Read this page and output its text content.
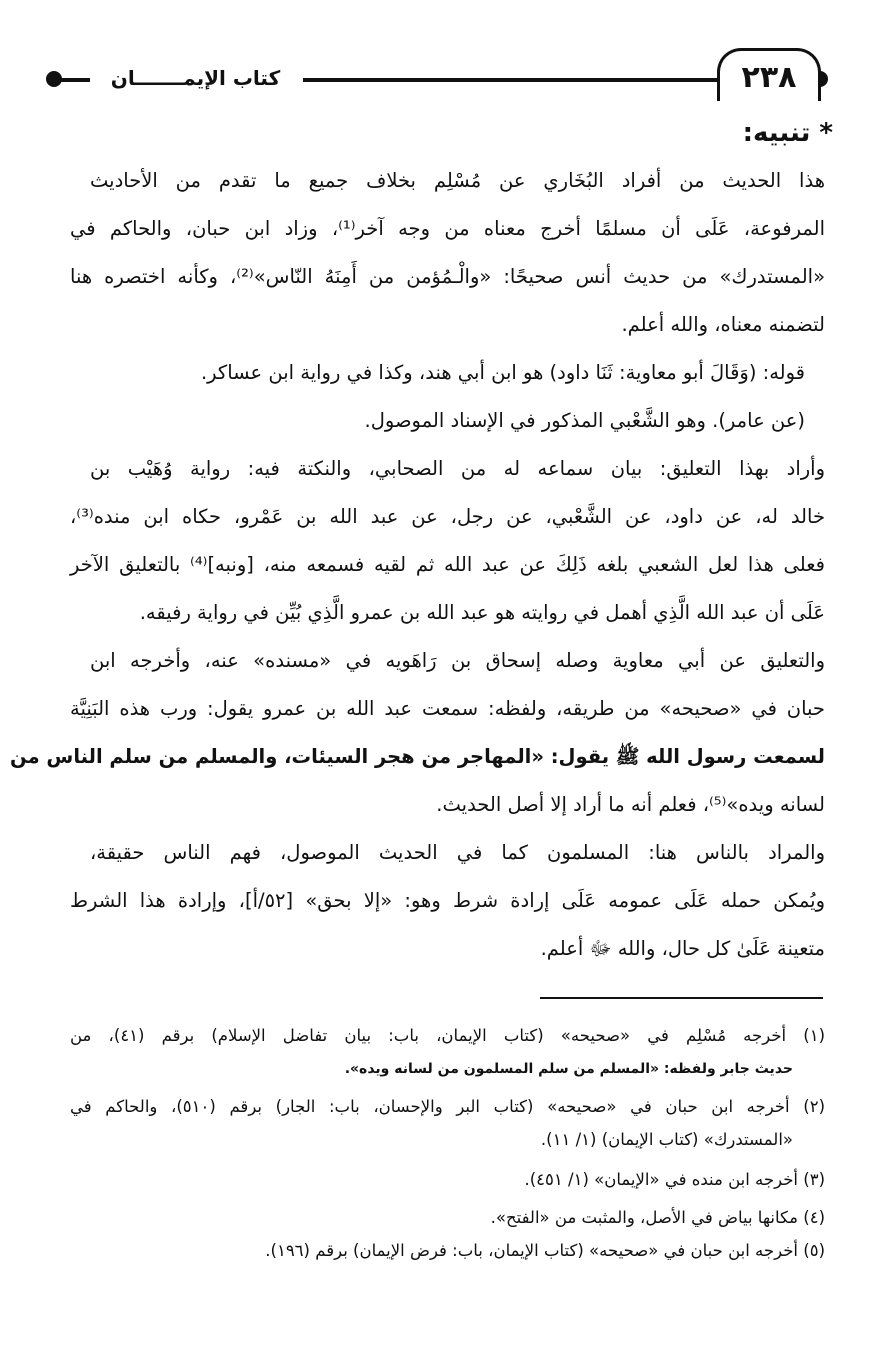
كتاب الإيمـــــــان	٢٣٨
* تنبيه:
هذا الحديث من أفراد البُخَاري عن مُسْلِم بخلاف جميع ما تقدم من الأحاديث
المرفوعة، عَلَى أن مسلمًا أخرج معناه من وجه آخر⁽¹⁾، وزاد ابن حبان، والحاكم في
«المستدرك» من حديث أنس صحيحًا: «والْـمُؤمن من أَمِنَهُ النّاس»⁽²⁾، وكأنه اختصره هنا
لتضمنه معناه، والله أعلم.
قوله: (وَقَالَ أبو معاوية: ثَنَا داود) هو ابن أبي هند، وكذا في رواية ابن عساكر.
(عن عامر). وهو الشَّعْبي المذكور في الإسناد الموصول.
وأراد بهذا التعليق: بيان سماعه له من الصحابي، والنكتة فيه: رواية وُهَيْب بن
خالد له، عن داود، عن الشَّعْبي، عن رجل، عن عبد الله بن عَمْرو، حكاه ابن منده⁽³⁾،
فعلى هذا لعل الشعبي بلغه ذَلِكَ عن عبد الله ثم لقيه فسمعه منه، [ونبه]⁽⁴⁾ بالتعليق الآخر
عَلَى أن عبد الله الَّذِي أهمل في روايته هو عبد الله بن عمرو الَّذِي بُيِّن في رواية رفيقه.
والتعليق عن أبي معاوية وصله إسحاق بن رَاهَويه في «مسنده» عنه، وأخرجه ابن
حبان في «صحيحه» من طريقه، ولفظه: سمعت عبد الله بن عمرو يقول: ورب هذه البَنِيَّة
لسمعت رسول الله ﷺ يقول: «المهاجر من هجر السيئات، والمسلم من سلم الناس من
لسانه ويده»⁽⁵⁾، فعلم أنه ما أراد إلا أصل الحديث.
والمراد بالناس هنا: المسلمون كما في الحديث الموصول، فهم الناس حقيقة،
ويُمكن حمله عَلَى عمومه عَلَى إرادة شرط وهو: «إلا بحق» [٥٢/أ]، وإرادة هذا الشرط
متعينة عَلَىٰ كل حال، والله ﷻ أعلم.
(١) أخرجه مُسْلِم في «صحيحه» (كتاب الإيمان، باب: بيان تفاضل الإسلام) برقم (٤١)، من
حديث جابر ولفظه: «المسلم من سلم المسلمون من لسانه ويده».
(٢) أخرجه ابن حبان في «صحيحه» (كتاب البر والإحسان، باب: الجار) برقم (٥١٠)، والحاكم في
«المستدرك» (كتاب الإيمان) (١/ ١١).
(٣) أخرجه ابن منده في «الإيمان» (١/ ٤٥١).
(٤) مكانها بياض في الأصل، والمثبت من «الفتح».
(٥) أخرجه ابن حبان في «صحيحه» (كتاب الإيمان، باب: فرض الإيمان) برقم (١٩٦).
